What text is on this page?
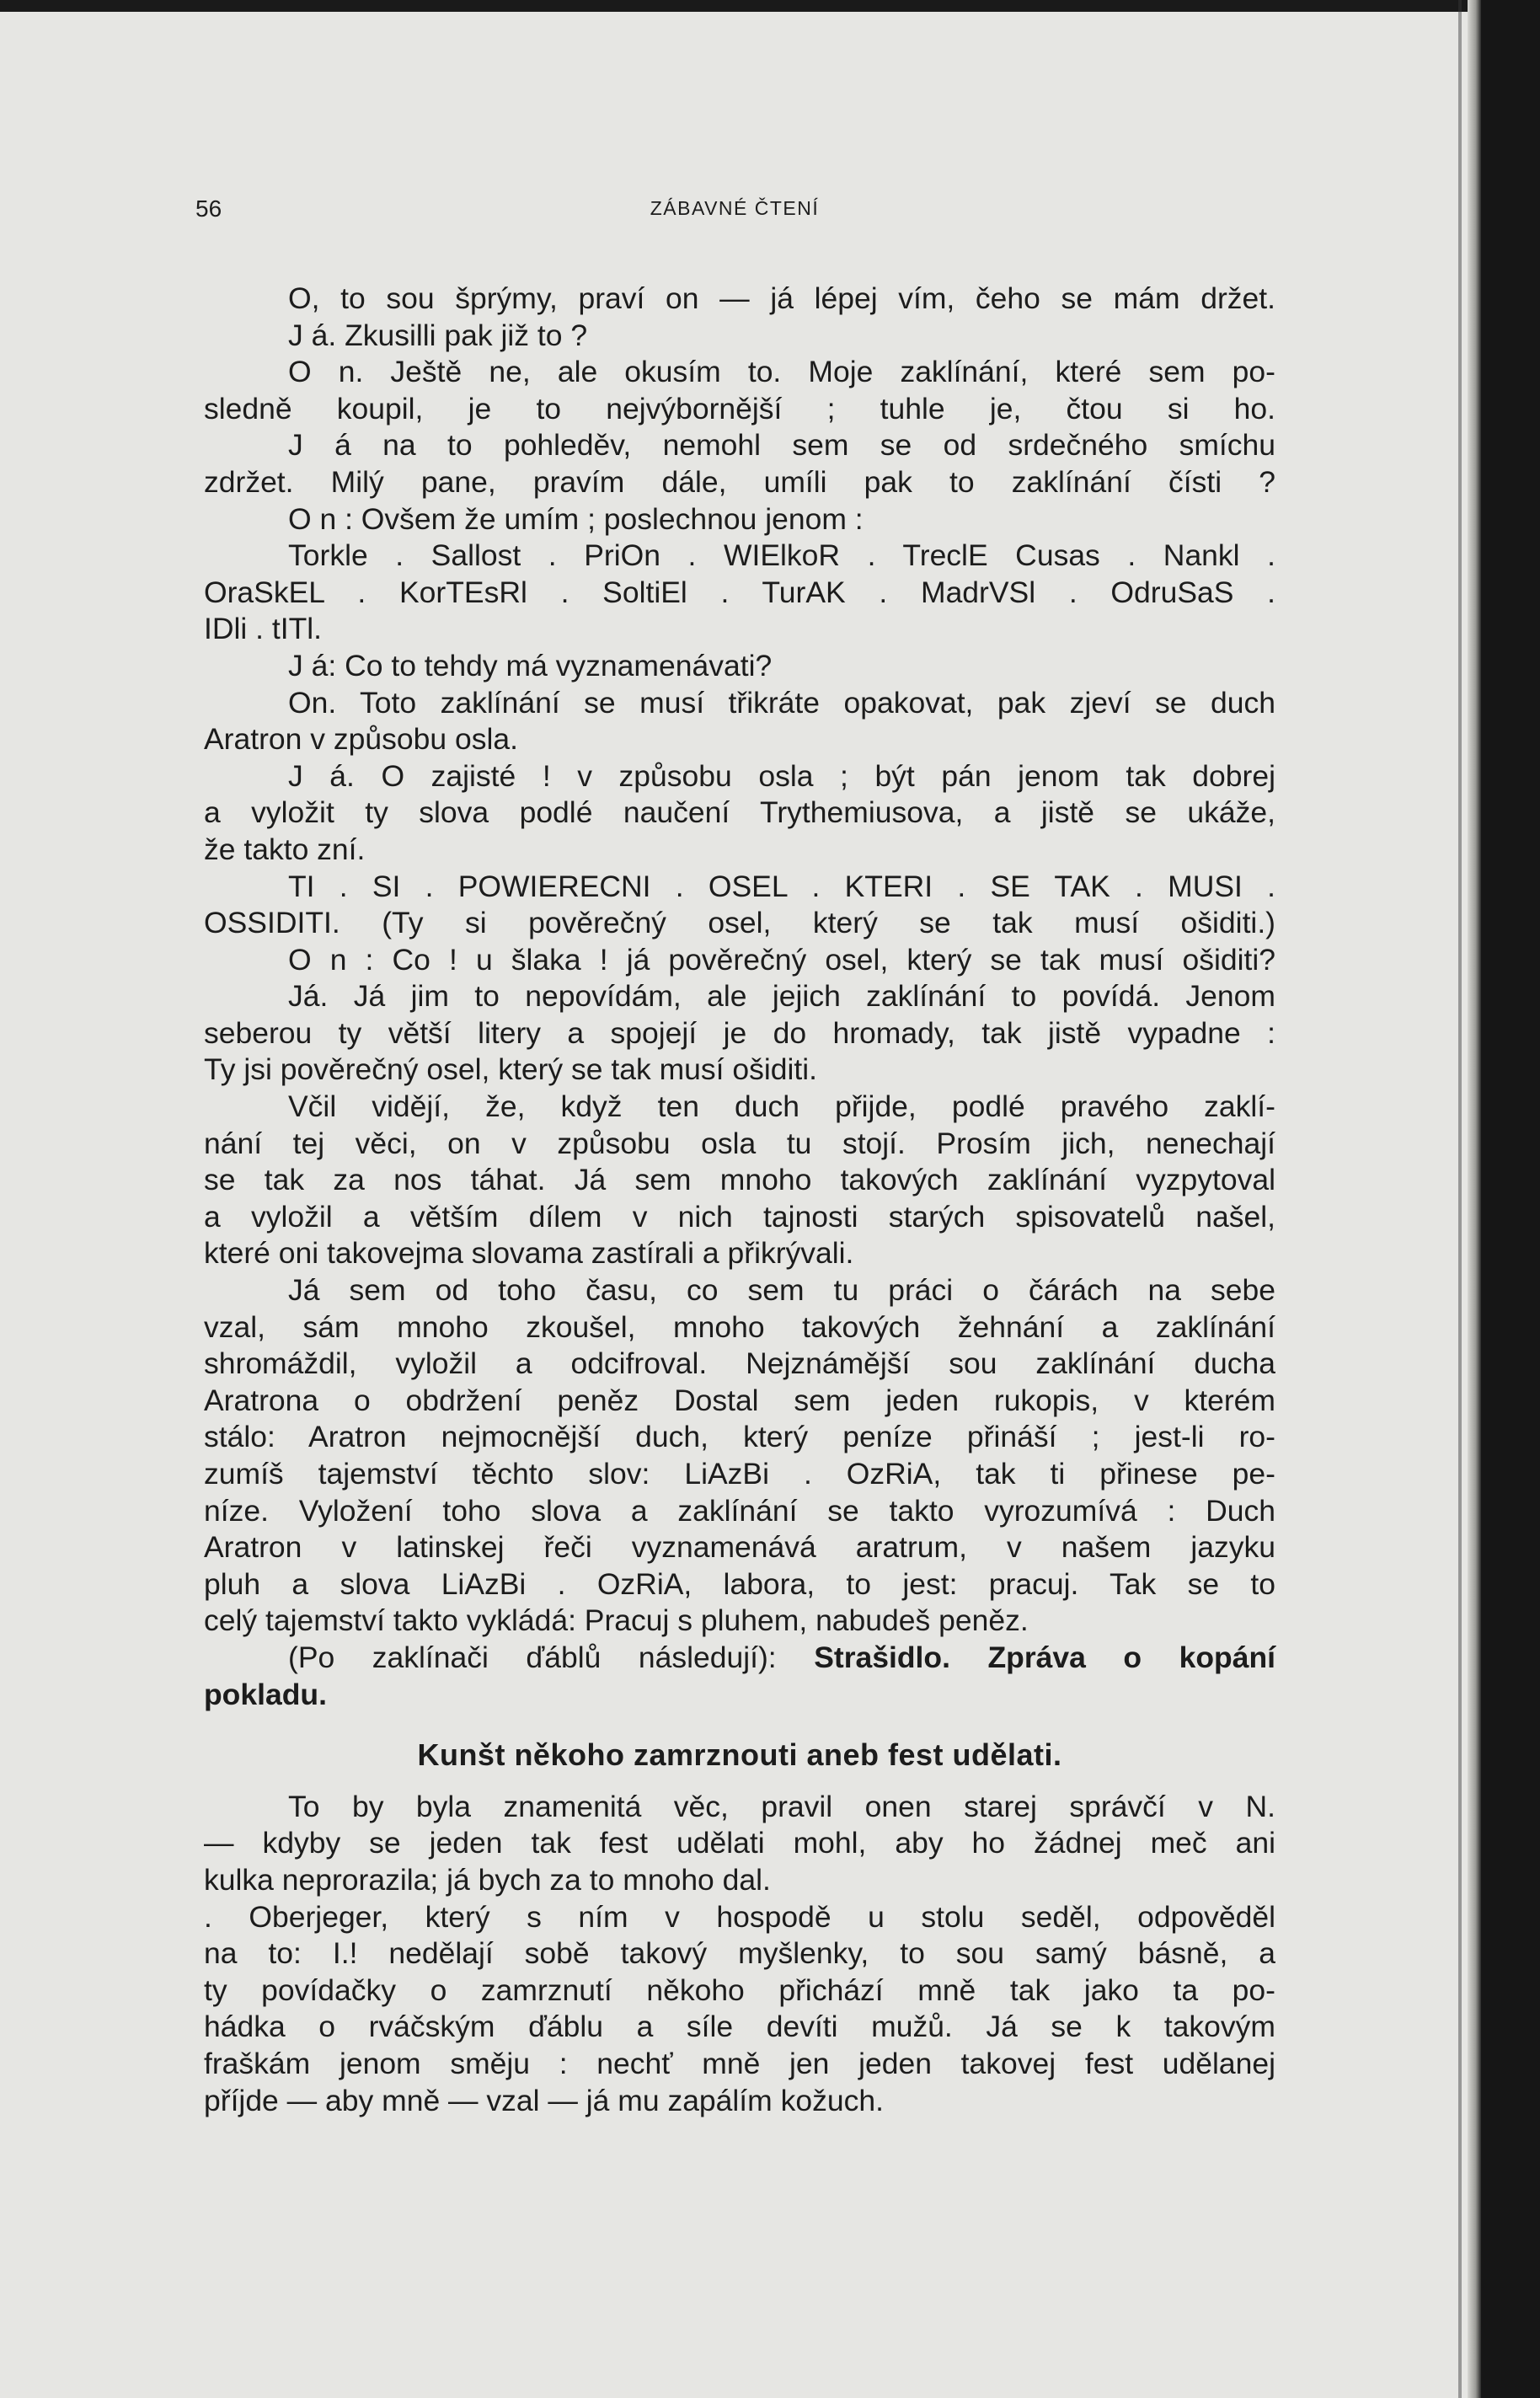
56	ZÁBAVNÉ ČTENÍ

O, to sou šprýmy, praví on — já lépej vím, čeho se mám držet.

J á. Zkusilli pak již to ?

O n. Ještě ne, ale okusím to. Moje zaklínání, které sem po-

sledně koupil, je to nejvýbornější ; tuhle je, čtou si ho.

J á na to pohleděv, nemohl sem se od srdečného smíchu

zdržet. Milý pane, pravím dále, umíli pak to zaklínání čísti ?

O n : Ovšem že umím ; poslechnou jenom :

Torkle . Sallost . PriOn . WIElkoR . TreclE Cusas . Nankl .

OraSkEL . KorTEsRl . SoltiEl . TurAK . MadrVSl . OdruSaS .

IDli . tITl.

J á: Co to tehdy má vyznamenávati?

On. Toto zaklínání se musí třikráte opakovat, pak zjeví se duch

Aratron v způsobu osla.

J á. O zajisté ! v způsobu osla ; být pán jenom tak dobrej

a vyložit ty slova podlé naučení Trythemiusova, a jistě se ukáže,

že takto zní.

TI . SI . POWIERECNI . OSEL . KTERI . SE TAK . MUSI .

OSSIDITI. (Ty si pověrečný osel, který se tak musí ošiditi.)

O n : Co ! u šlaka ! já pověrečný osel, který se tak musí ošiditi?

Já. Já jim to nepovídám, ale jejich zaklínání to povídá. Jenom

seberou ty větší litery a spojejí je do hromady, tak jistě vypadne :

Ty jsi pověrečný osel, který se tak musí ošiditi.

Včil vidějí, že, když ten duch přijde, podlé pravého zaklí-

nání tej věci, on v způsobu osla tu stojí. Prosím jich, nenechají

se tak za nos táhat. Já sem mnoho takových zaklínání vyzpytoval

a vyložil a větším dílem v nich tajnosti starých spisovatelů našel,

které oni takovejma slovama zastírali a přikrývali.

Já sem od toho času, co sem tu práci o čárách na sebe

vzal, sám mnoho zkoušel, mnoho takových žehnání a zaklínání

shromáždil, vyložil a odcifroval. Nejznámější sou zaklínání ducha

Aratrona o obdržení peněz Dostal sem jeden rukopis, v kterém

stálo: Aratron nejmocnější duch, který peníze přináší ; jest-li ro-

zumíš tajemství těchto slov: LiAzBi . OzRiA, tak ti přinese pe-

níze. Vyložení toho slova a zaklínání se takto vyrozumívá : Duch

Aratron v latinskej řeči vyznamenává aratrum, v našem jazyku

pluh a slova LiAzBi . OzRiA, labora, to jest: pracuj. Tak se to

celý tajemství takto vykládá: Pracuj s pluhem, nabudeš peněz.

(Po zaklínači ďáblů následují): Strašidlo. Zpráva o kopání

pokladu.

Kunšt někoho zamrznouti aneb fest udělati.

To by byla znamenitá věc, pravil onen starej správčí v N.

— kdyby se jeden tak fest udělati mohl, aby ho žádnej meč ani

kulka neprorazila; já bych za to mnoho dal.

. Oberjeger, který s ním v hospodě u stolu seděl, odpověděl

na to: I.! nedělají sobě takový myšlenky, to sou samý básně, a

ty povídačky o zamrznutí někoho přichází mně tak jako ta po-

hádka o rváčským ďáblu a síle devíti mužů. Já se k takovým

fraškám jenom směju : nechť mně jen jeden takovej fest udělanej

příjde — aby mně — vzal — já mu zapálím kožuch.
